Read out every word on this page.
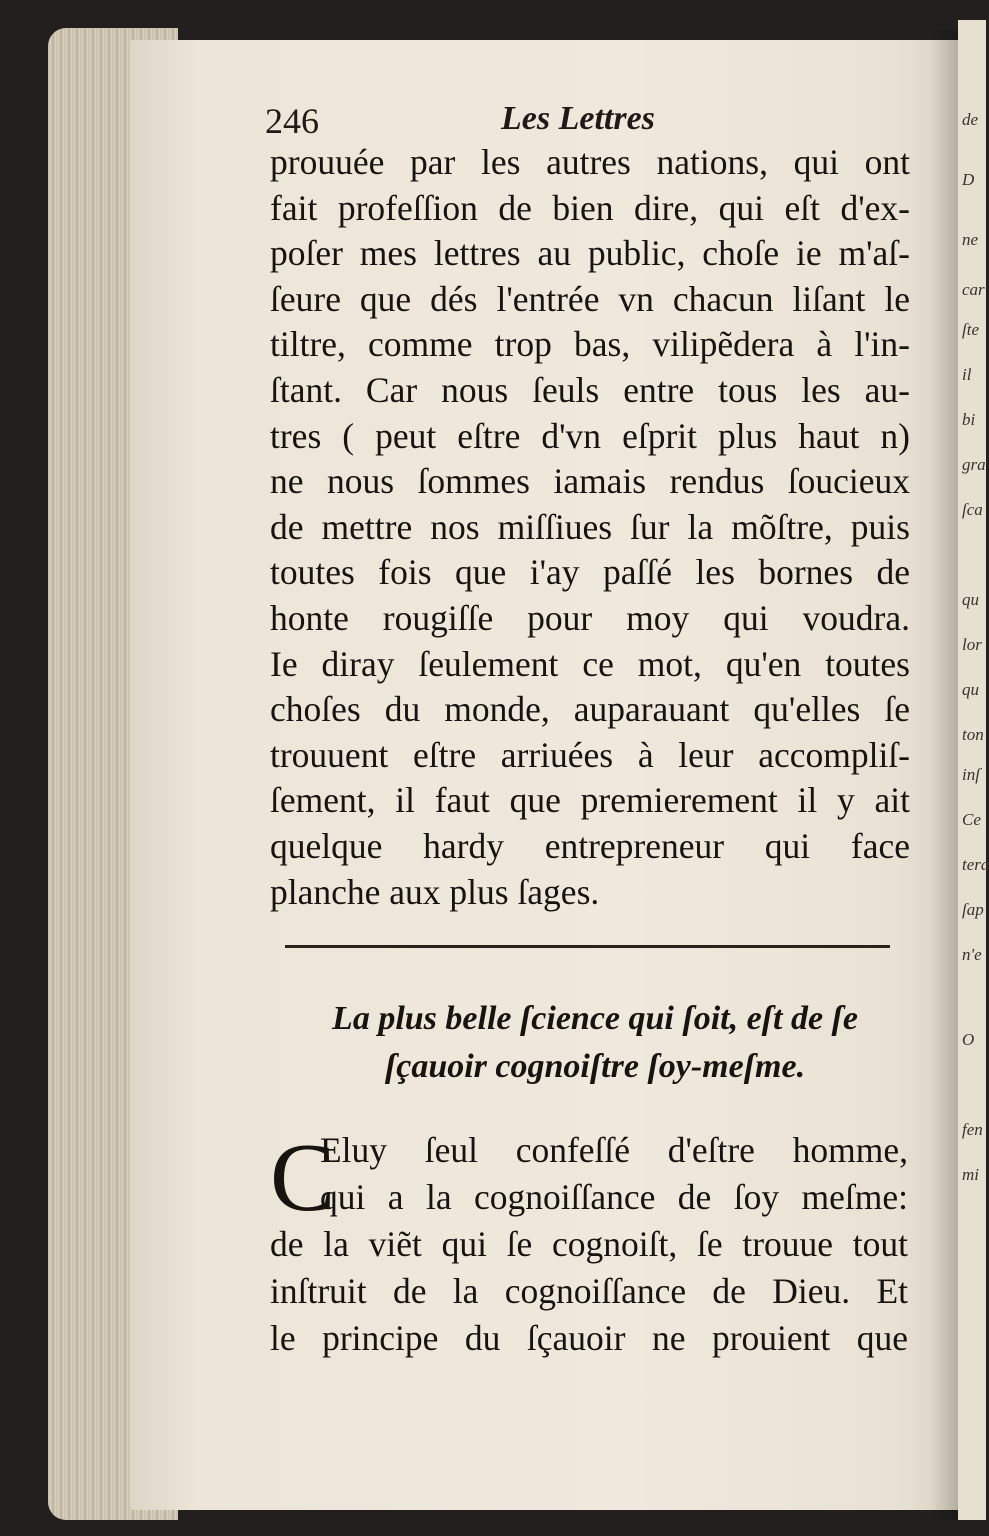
de
D
ne
car
ſte
il
bi
gra
ſca
qu
lor
qu
ton
inſ
Ce
tera
ſap
n'e
O
fen
mi
246	Les Lettres
prouuée par les autres nations, qui ont
fait profeſſion de bien dire, qui eſt d'ex-
poſer mes lettres au public, choſe ie m'aſ-
ſeure que dés l'entrée vn chacun liſant le
tiltre, comme trop bas, vilipẽdera à l'in-
ſtant. Car nous ſeuls entre tous les au-
tres ( peut eſtre d'vn eſprit plus haut n)
ne nous ſommes iamais rendus ſoucieux
de mettre nos miſſiues ſur la mõſtre, puis
toutes fois que i'ay paſſé les bornes de
honte rougiſſe pour moy qui voudra.
Ie diray ſeulement ce mot, qu'en toutes
choſes du monde, auparauant qu'elles ſe
trouuent eſtre arriuées à leur accompliſ-
ſement, il faut que premierement il y ait
quelque hardy entrepreneur qui face
planche aux plus ſages.
La plus belle ſcience qui ſoit, eſt de ſe
ſçauoir cognoiſtre ſoy-meſme.
C
Eluy ſeul confeſſé d'eſtre homme,
qui a la cognoiſſance de ſoy meſme:
de la viẽt qui ſe cognoiſt, ſe trouue tout
inſtruit de la cognoiſſance de Dieu. Et
le principe du ſçauoir ne prouient que
